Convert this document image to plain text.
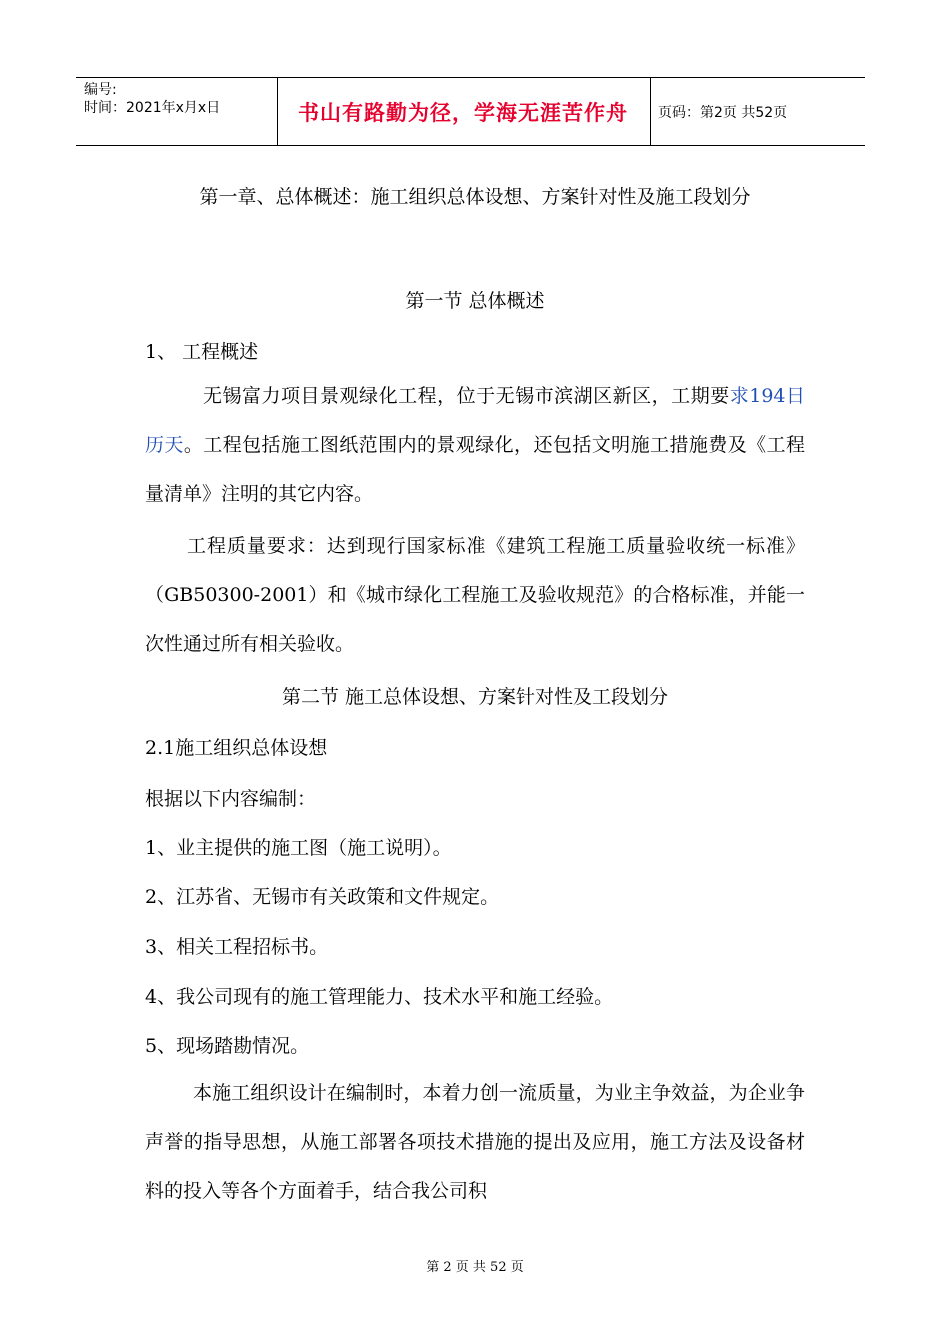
编号:
时间：2021年x月x日	书山有路勤为径，学海无涯苦作舟	页码：第2页 共52页
第一章、总体概述：施工组织总体设想、方案针对性及施工段划分
第一节 总体概述
1、 工程概述
无锡富力项目景观绿化工程，位于无锡市滨湖区新区，工期要求194日历天。工程包括施工图纸范围内的景观绿化，还包括文明施工措施费及《工程量清单》注明的其它内容。
工程质量要求：达到现行国家标准《建筑工程施工质量验收统一标准》（GB50300-2001）和《城市绿化工程施工及验收规范》的合格标准，并能一次性通过所有相关验收。
第二节 施工总体设想、方案针对性及工段划分
2.1施工组织总体设想
根据以下内容编制：
1、业主提供的施工图（施工说明）。
2、江苏省、无锡市有关政策和文件规定。
3、相关工程招标书。
4、我公司现有的施工管理能力、技术水平和施工经验。
5、现场踏勘情况。
本施工组织设计在编制时，本着力创一流质量，为业主争效益，为企业争声誉的指导思想，从施工部署各项技术措施的提出及应用，施工方法及设备材料的投入等各个方面着手，结合我公司积
第 2 页 共 52 页
